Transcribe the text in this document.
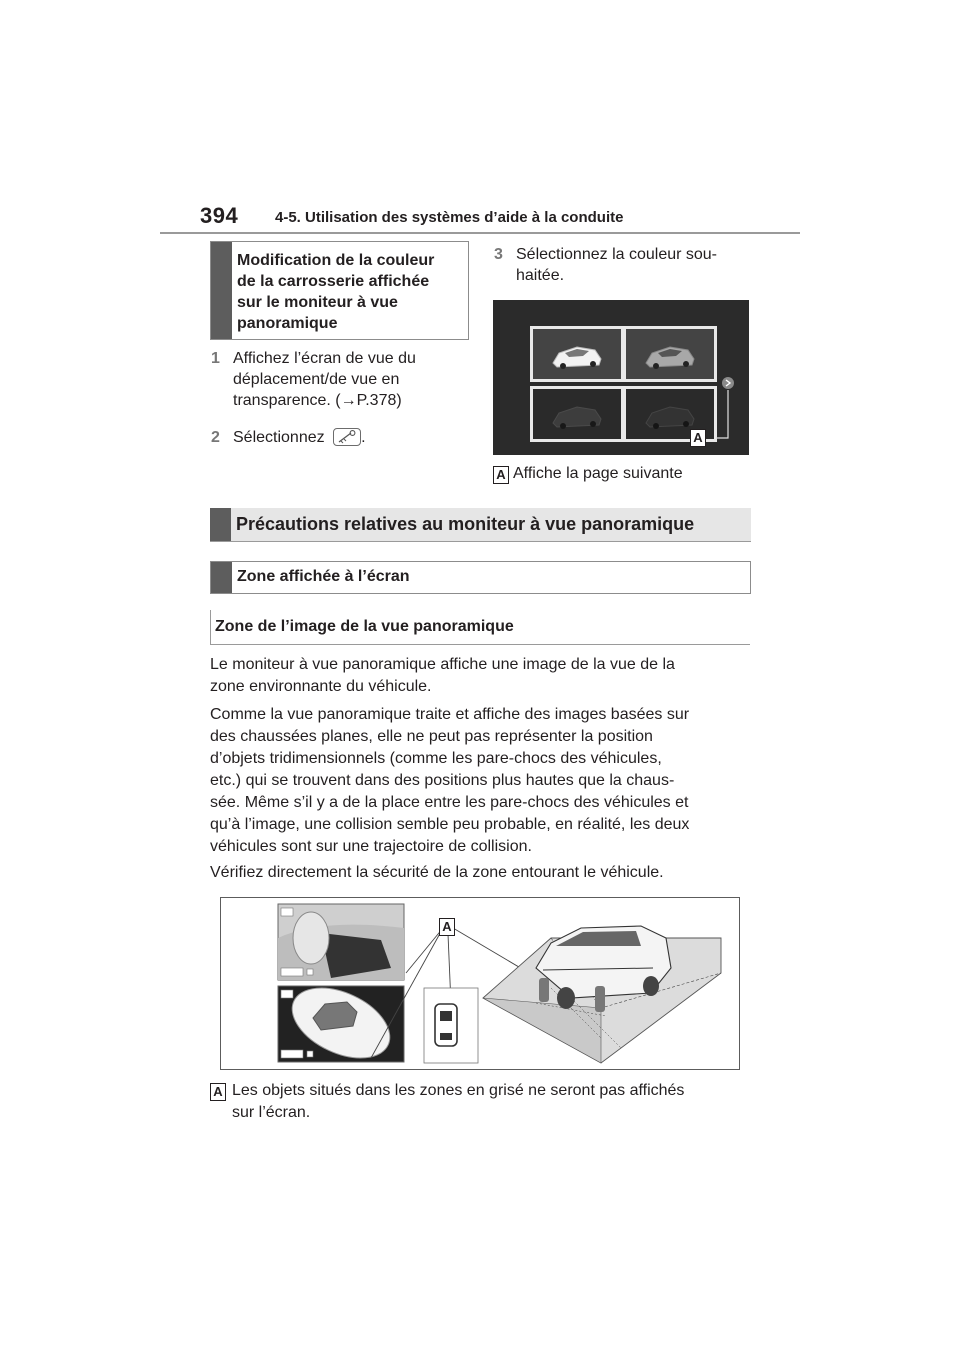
394 4-5. Utilisation des systèmes d’aide à la conduite
Modification de la couleur
de la carrosserie affichée
sur le moniteur à vue
panoramique
1 Affichez l’écran de vue du
déplacement/de vue en
transparence. (→P.378)
2 Sélectionnez .
3 Sélectionnez la couleur sou-
haitée.
A
A Affiche la page suivante
Précautions relatives au moniteur à vue panoramique
Zone affichée à l’écran
Zone de l’image de la vue panoramique
Le moniteur à vue panoramique affiche une image de la vue de la
zone environnante du véhicule.
Comme la vue panoramique traite et affiche des images basées sur
des chaussées planes, elle ne peut pas représenter la position
d’objets tridimensionnels (comme les pare-chocs des véhicules,
etc.) qui se trouvent dans des positions plus hautes que la chaus-
sée. Même s’il y a de la place entre les pare-chocs des véhicules et
qu’à l’image, une collision semble peu probable, en réalité, les deux
véhicules sont sur une trajectoire de collision.
Vérifiez directement la sécurité de la zone entourant le véhicule.
A
A Les objets situés dans les zones en grisé ne seront pas affichés
sur l’écran.
